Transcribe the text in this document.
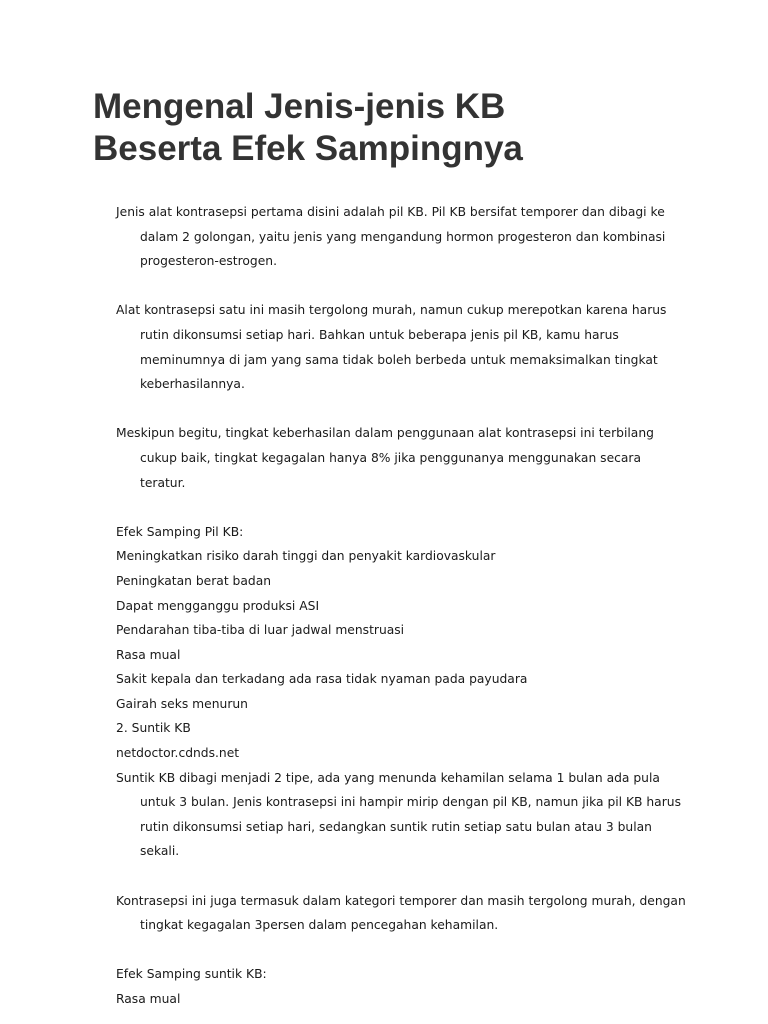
Mengenal Jenis-jenis KB
Beserta Efek Sampingnya

Jenis alat kontrasepsi pertama disini adalah pil KB. Pil KB bersifat temporer dan dibagi ke dalam 2 golongan, yaitu jenis yang mengandung hormon progesteron dan kombinasi progesteron-estrogen.

Alat kontrasepsi satu ini masih tergolong murah, namun cukup merepotkan karena harus rutin dikonsumsi setiap hari. Bahkan untuk beberapa jenis pil KB, kamu harus meminumnya di jam yang sama tidak boleh berbeda untuk memaksimalkan tingkat keberhasilannya.

Meskipun begitu, tingkat keberhasilan dalam penggunaan alat kontrasepsi ini terbilang cukup baik, tingkat kegagalan hanya 8% jika penggunanya menggunakan secara teratur.

Efek Samping Pil KB:

Meningkatkan risiko darah tinggi dan penyakit kardiovaskular

Peningkatan berat badan

Dapat mengganggu produksi ASI

Pendarahan tiba-tiba di luar jadwal menstruasi

Rasa mual

Sakit kepala dan terkadang ada rasa tidak nyaman pada payudara

Gairah seks menurun

2. Suntik KB

netdoctor.cdnds.net

Suntik KB dibagi menjadi 2 tipe, ada yang menunda kehamilan selama 1 bulan ada pula untuk 3 bulan. Jenis kontrasepsi ini hampir mirip dengan pil KB, namun jika pil KB harus rutin dikonsumsi setiap hari, sedangkan suntik rutin setiap satu bulan atau 3 bulan sekali.

Kontrasepsi ini juga termasuk dalam kategori temporer dan masih tergolong murah, dengan tingkat kegagalan 3persen dalam pencegahan kehamilan.

Efek Samping suntik KB:

Rasa mual
